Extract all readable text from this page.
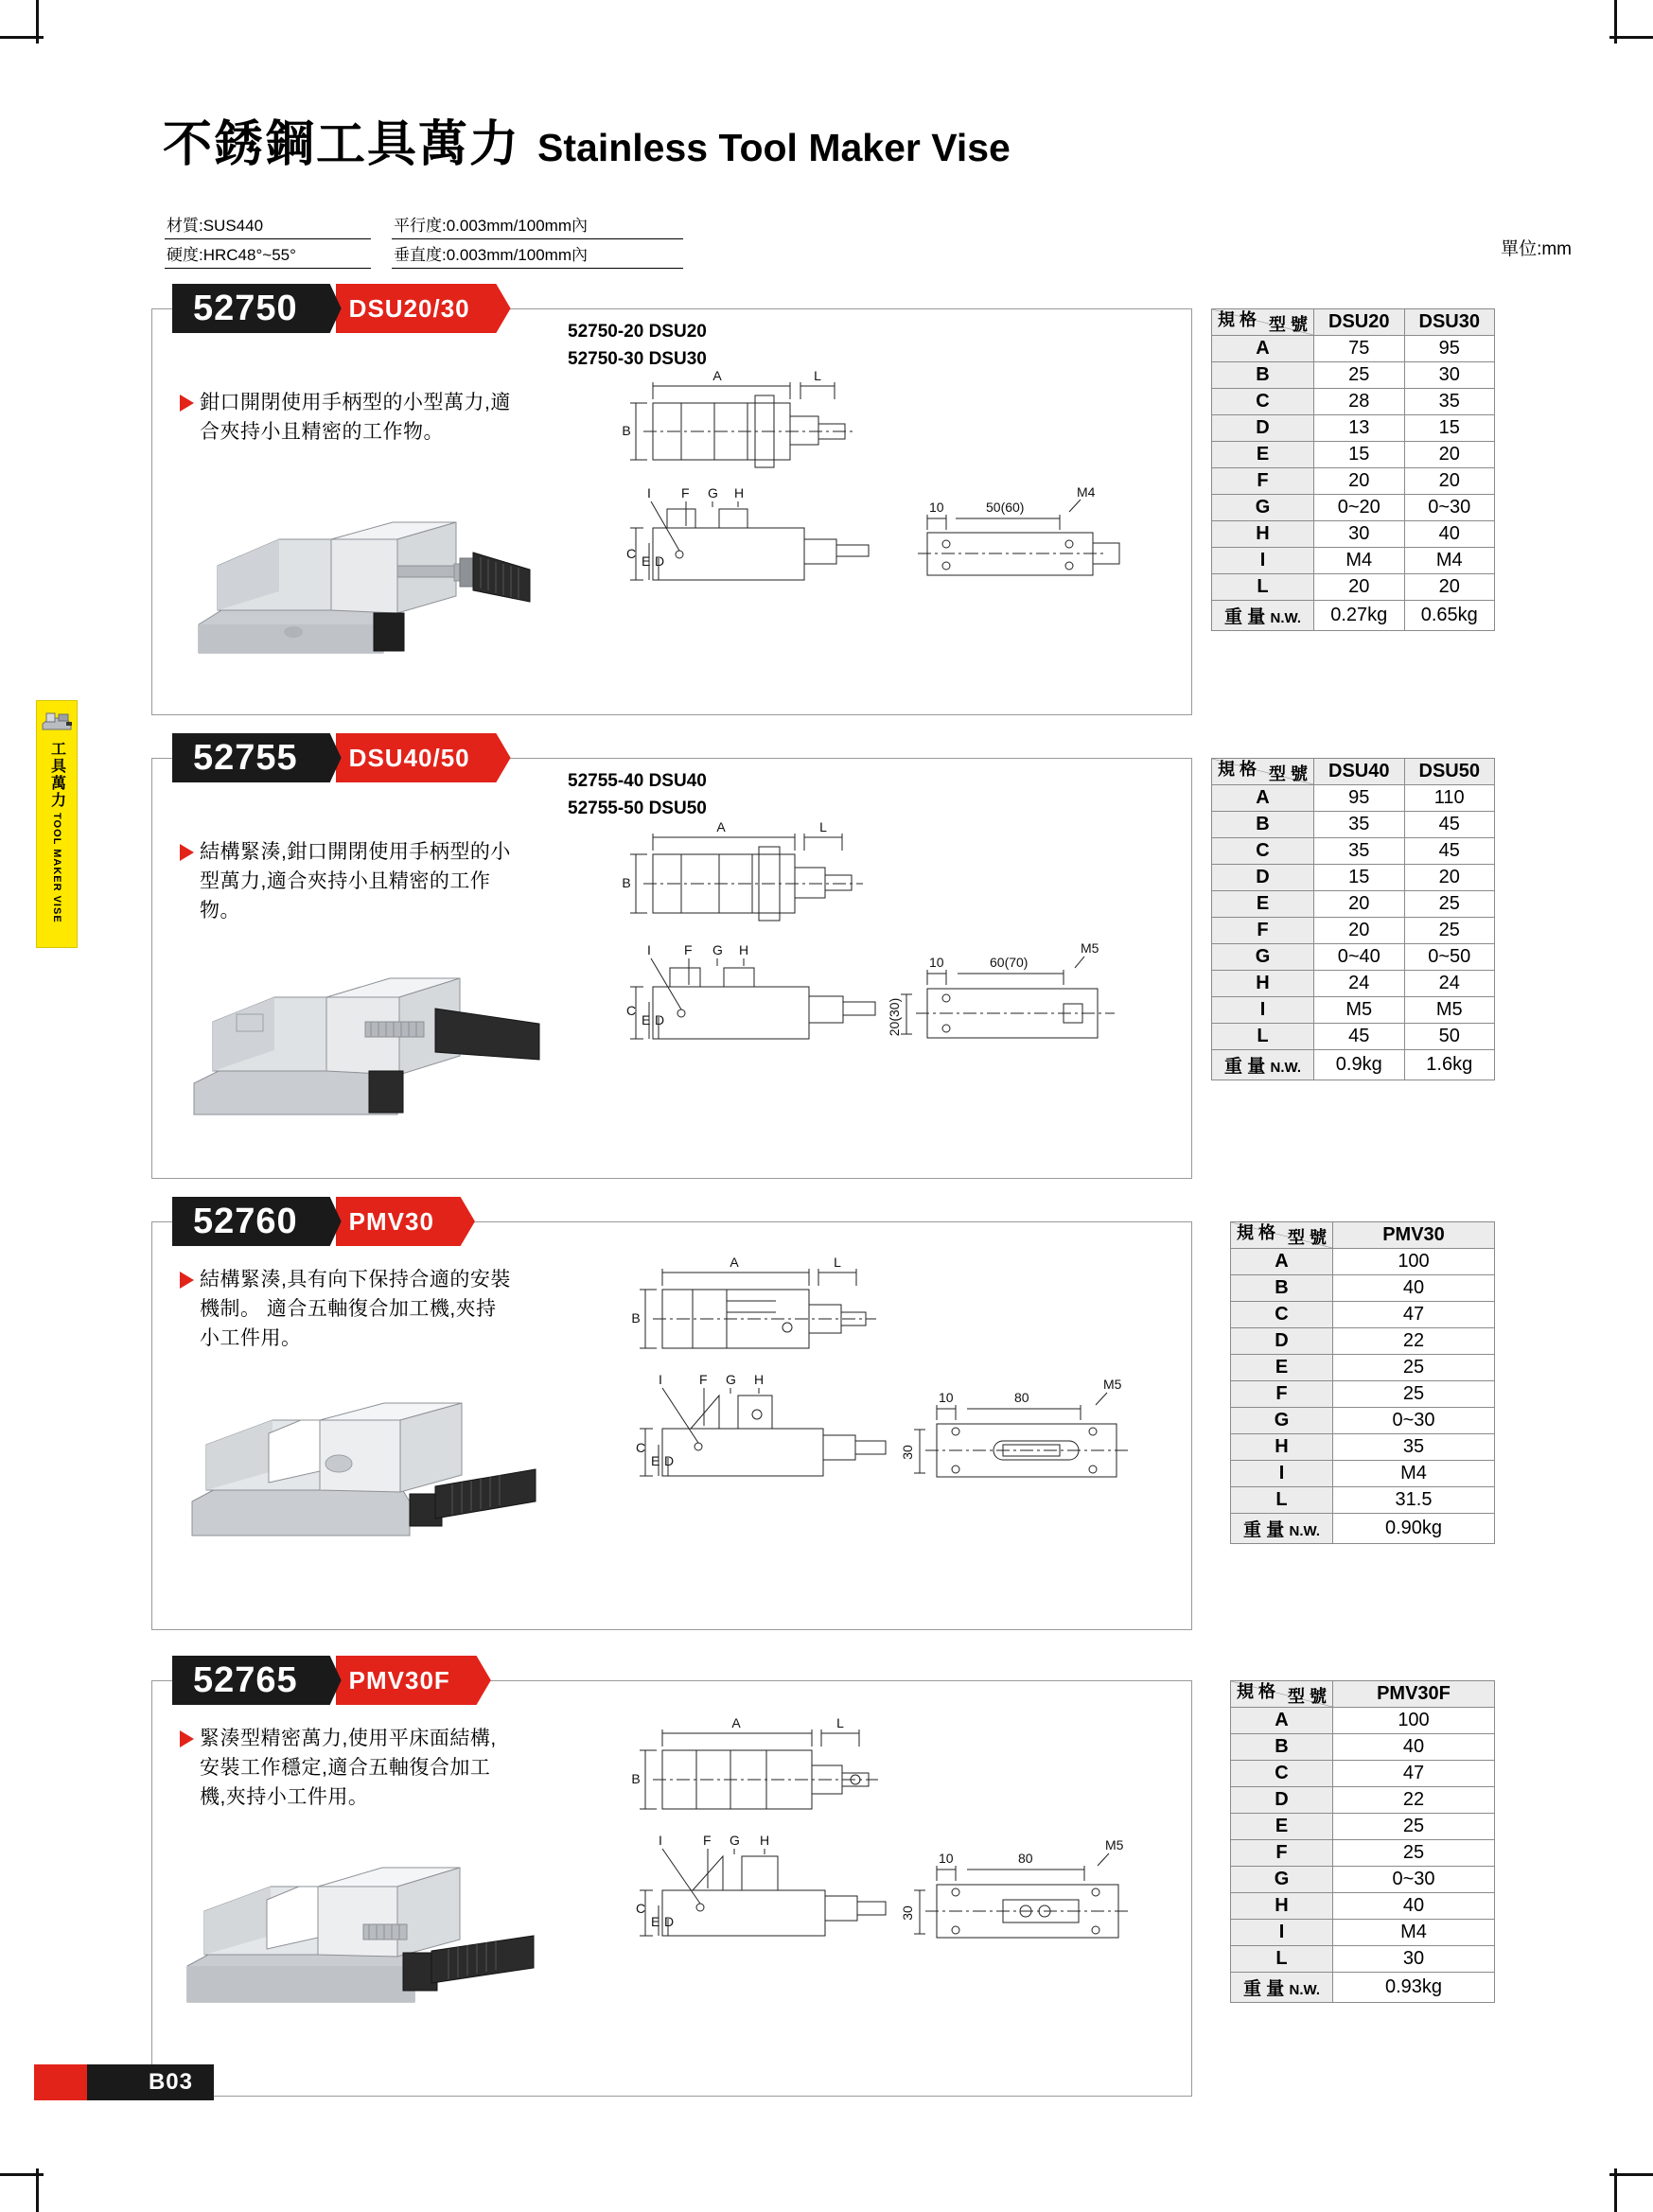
不銹鋼工具萬力 Stainless Tool Maker Vise
材質:SUS440	平行度:0.003mm/100mm內
硬度:HRC48°~55°	垂直度:0.003mm/100mm內	單位:mm
工具萬力
TOOL MAKER VISE
52750	DSU20/30
52750-20 DSU20
52750-30 DSU30
鉗口開閉使用手柄型的小型萬力,適合夾持小且精密的工作物。
A	L
B
I F G H
C E D
10	50(60)
M4
規 格 型 號	DSU20	DSU30
A	75	95
B	25	30
C	28	35
D	13	15
E	15	20
F	20	20
G	0~20	0~30
H	30	40
I	M4	M4
L	20	20
重 量 N.W.	0.27kg	0.65kg
52755	DSU40/50
52755-40 DSU40
52755-50 DSU50
結構緊湊,鉗口開閉使用手柄型的小型萬力,適合夾持小且精密的工作物。
A	L
B
I	F G H
C
E D
10	60(70)
M5
20(30)
規 格 型 號	DSU40	DSU50
A	95	110
B	35	45
C	35	45
D	15	20
E	20	25
F	20	25
G	0~40	0~50
H	24	24
I	M5	M5
L	45	50
重 量 N.W.	0.9kg	1.6kg
52760	PMV30
結構緊湊,具有向下保持合適的安裝機制。 適合五軸復合加工機,夾持小工件用。
A	L
B
I	F G H
C
E D
10	80
M5
30
規 格 型 號	PMV30
A	100
B	40
C	47
D	22
E	25
F	25
G	0~30
H	35
I	M4
L	31.5
重 量 N.W.	0.90kg
52765	PMV30F
緊湊型精密萬力,使用平床面結構,安裝工作穩定,適合五軸復合加工機,夾持小工件用。
A	L
B
I	F G H
C
E D
10	80
M5
30
規 格 型 號	PMV30F
A	100
B	40
C	47
D	22
E	25
F	25
G	0~30
H	40
I	M4
L	30
重 量 N.W.	0.93kg
B03
